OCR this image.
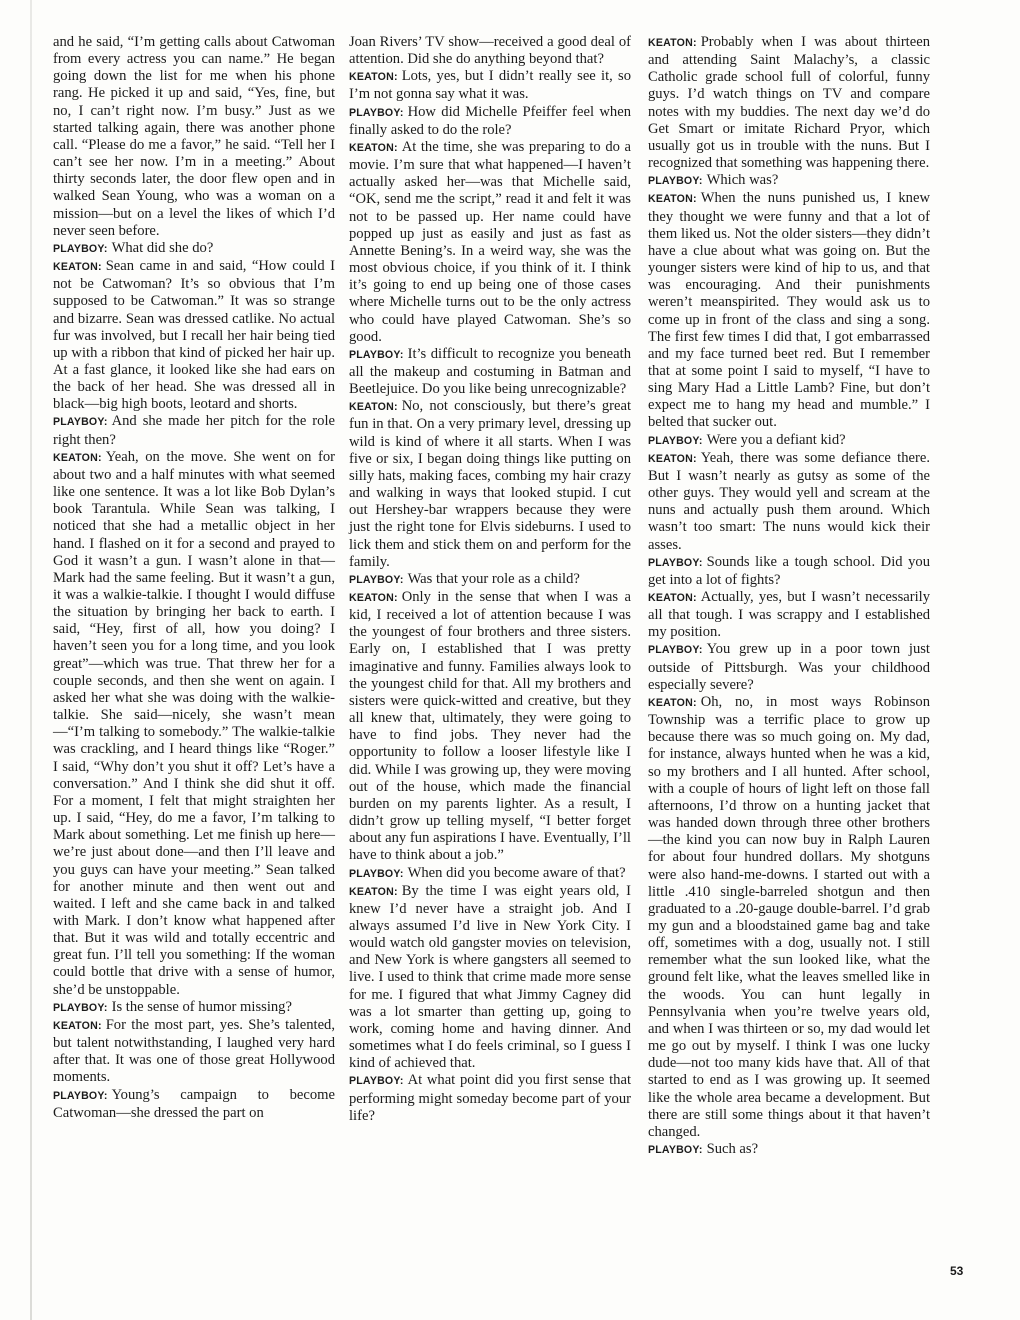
and he said, “I’m getting calls about Catwoman from every actress you can name.” He began going down the list for me when his phone rang. He picked it up and said, “Yes, fine, but no, I can’t right now. I’m busy.” Just as we started talking again, there was another phone call. “Please do me a favor,” he said. “Tell her I can’t see her now. I’m in a meeting.” About thirty seconds later, the door flew open and in walked Sean Young, who was a woman on a mission—but on a level the likes of which I’d never seen before.

PLAYBOY: What did she do?

KEATON: Sean came in and said, “How could I not be Catwoman? It’s so obvious that I’m supposed to be Catwoman.” It was so strange and bizarre. Sean was dressed catlike. No actual fur was involved, but I recall her hair being tied up with a ribbon that kind of picked her hair up. At a fast glance, it looked like she had ears on the back of her head. She was dressed all in black—big high boots, leotard and shorts.

PLAYBOY: And she made her pitch for the role right then?

KEATON: Yeah, on the move. She went on for about two and a half minutes with what seemed like one sentence. It was a lot like Bob Dylan’s book Tarantula. While Sean was talking, I noticed that she had a metallic object in her hand. I flashed on it for a second and prayed to God it wasn’t a gun. I wasn’t alone in that—Mark had the same feeling. But it wasn’t a gun, it was a walkie-talkie. I thought I would diffuse the situation by bringing her back to earth. I said, “Hey, first of all, how you doing? I haven’t seen you for a long time, and you look great”—which was true. That threw her for a couple seconds, and then she went on again. I asked her what she was doing with the walkie-talkie. She said—nicely, she wasn’t mean—“I’m talking to somebody.” The walkie-talkie was crackling, and I heard things like “Roger.” I said, “Why don’t you shut it off? Let’s have a conversation.” And I think she did shut it off. For a moment, I felt that might straighten her up. I said, “Hey, do me a favor, I’m talking to Mark about something. Let me finish up here—we’re just about done—and then I’ll leave and you guys can have your meeting.” Sean talked for another minute and then went out and waited. I left and she came back in and talked with Mark. I don’t know what happened after that. But it was wild and totally eccentric and great fun. I’ll tell you something: If the woman could bottle that drive with a sense of humor, she’d be unstoppable.

PLAYBOY: Is the sense of humor missing?

KEATON: For the most part, yes. She’s talented, but talent notwithstanding, I laughed very hard after that. It was one of those great Hollywood moments.

PLAYBOY: Young’s campaign to become Catwoman—she dressed the part on

Joan Rivers’ TV show—received a good deal of attention. Did she do anything beyond that?

KEATON: Lots, yes, but I didn’t really see it, so I’m not gonna say what it was.

PLAYBOY: How did Michelle Pfeiffer feel when finally asked to do the role?

KEATON: At the time, she was preparing to do a movie. I’m sure that what happened—I haven’t actually asked her—was that Michelle said, “OK, send me the script,” read it and felt it was not to be passed up. Her name could have popped up just as easily and just as fast as Annette Bening’s. In a weird way, she was the most obvious choice, if you think of it. I think it’s going to end up being one of those cases where Michelle turns out to be the only actress who could have played Catwoman. She’s so good.

PLAYBOY: It’s difficult to recognize you beneath all the makeup and costuming in Batman and Beetlejuice. Do you like being unrecognizable?

KEATON: No, not consciously, but there’s great fun in that. On a very primary level, dressing up wild is kind of where it all starts. When I was five or six, I began doing things like putting on silly hats, making faces, combing my hair crazy and walking in ways that looked stupid. I cut out Hershey-bar wrappers because they were just the right tone for Elvis sideburns. I used to lick them and stick them on and perform for the family.

PLAYBOY: Was that your role as a child?

KEATON: Only in the sense that when I was a kid, I received a lot of attention because I was the youngest of four brothers and three sisters. Early on, I established that I was pretty imaginative and funny. Families always look to the youngest child for that. All my brothers and sisters were quick-witted and creative, but they all knew that, ultimately, they were going to have to find jobs. They never had the opportunity to follow a looser lifestyle like I did. While I was growing up, they were moving out of the house, which made the financial burden on my parents lighter. As a result, I didn’t grow up telling myself, “I better forget about any fun aspirations I have. Eventually, I’ll have to think about a job.”

PLAYBOY: When did you become aware of that?

KEATON: By the time I was eight years old, I knew I’d never have a straight job. And I always assumed I’d live in New York City. I would watch old gangster movies on television, and New York is where gangsters all seemed to live. I used to think that crime made more sense for me. I figured that what Jimmy Cagney did was a lot smarter than getting up, going to work, coming home and having dinner. And sometimes what I do feels criminal, so I guess I kind of achieved that.

PLAYBOY: At what point did you first sense that performing might someday become part of your life?

KEATON: Probably when I was about thirteen and attending Saint Malachy’s, a classic Catholic grade school full of colorful, funny guys. I’d watch things on TV and compare notes with my buddies. The next day we’d do Get Smart or imitate Richard Pryor, which usually got us in trouble with the nuns. But I recognized that something was happening there.

PLAYBOY: Which was?

KEATON: When the nuns punished us, I knew they thought we were funny and that a lot of them liked us. Not the older sisters—they didn’t have a clue about what was going on. But the younger sisters were kind of hip to us, and that was encouraging. And their punishments weren’t meanspirited. They would ask us to come up in front of the class and sing a song. The first few times I did that, I got embarrassed and my face turned beet red. But I remember that at some point I said to myself, “I have to sing Mary Had a Little Lamb? Fine, but don’t expect me to hang my head and mumble.” I belted that sucker out.

PLAYBOY: Were you a defiant kid?

KEATON: Yeah, there was some defiance there. But I wasn’t nearly as gutsy as some of the other guys. They would yell and scream at the nuns and actually push them around. Which wasn’t too smart: The nuns would kick their asses.

PLAYBOY: Sounds like a tough school. Did you get into a lot of fights?

KEATON: Actually, yes, but I wasn’t necessarily all that tough. I was scrappy and I established my position.

PLAYBOY: You grew up in a poor town just outside of Pittsburgh. Was your childhood especially severe?

KEATON: Oh, no, in most ways Robinson Township was a terrific place to grow up because there was so much going on. My dad, for instance, always hunted when he was a kid, so my brothers and I all hunted. After school, with a couple of hours of light left on those fall afternoons, I’d throw on a hunting jacket that was handed down through three other brothers—the kind you can now buy in Ralph Lauren for about four hundred dollars. My shotguns were also hand-me-downs. I started out with a little .410 single-barreled shotgun and then graduated to a .20-gauge double-barrel. I’d grab my gun and a bloodstained game bag and take off, sometimes with a dog, usually not. I still remember what the sun looked like, what the ground felt like, what the leaves smelled like in the woods. You can hunt legally in Pennsylvania when you’re twelve years old, and when I was thirteen or so, my dad would let me go out by myself. I think I was one lucky dude—not too many kids have that. All of that started to end as I was growing up. It seemed like the whole area became a development. But there are still some things about it that haven’t changed.

PLAYBOY: Such as?

53
